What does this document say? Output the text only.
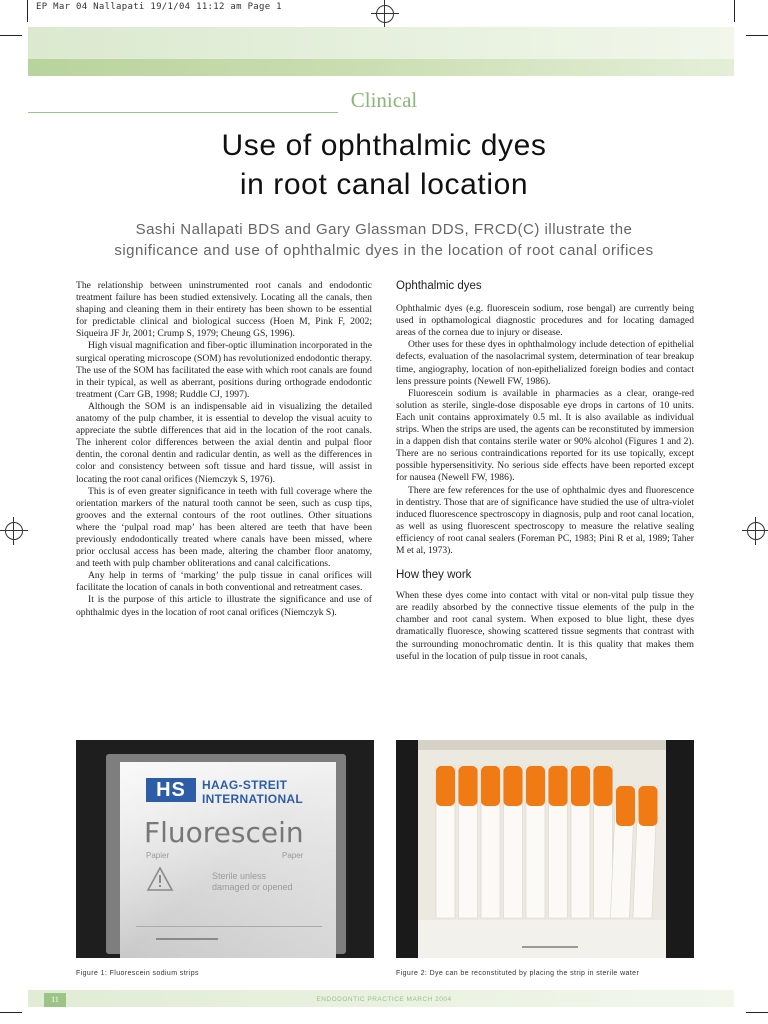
EP Mar 04 Nallapati 19/1/04 11:12 am Page 1
Clinical
Use of ophthalmic dyes
in root canal location

Sashi Nallapati BDS and Gary Glassman DDS, FRCD(C) illustrate the
significance and use of ophthalmic dyes in the location of root canal orifices

The relationship between uninstrumented root canals and endodontic treatment failure has been studied extensively. Locating all the canals, then shaping and cleaning them in their entirety has been shown to be essential for predictable clinical and biological success (Hoen M, Pink F, 2002; Siqueira JF Jr, 2001; Crump S, 1979; Cheung GS, 1996).

High visual magnification and fiber-optic illumination incorporated in the surgical operating microscope (SOM) has revolutionized endodontic therapy. The use of the SOM has facilitated the ease with which root canals are found in their typical, as well as aberrant, positions during orthograde endodontic treatment (Carr GB, 1998; Ruddle CJ, 1997).

Although the SOM is an indispensable aid in visualizing the detailed anatomy of the pulp chamber, it is essential to develop the visual acuity to appreciate the subtle differences that aid in the location of the root canals. The inherent color differences between the axial dentin and pulpal floor dentin, the coronal dentin and radicular dentin, as well as the differences in color and consistency between soft tissue and hard tissue, will assist in locating the root canal orifices (Niemczyk S, 1976).

This is of even greater significance in teeth with full coverage where the orientation markers of the natural tooth cannot be seen, such as cusp tips, grooves and the external contours of the root outlines. Other situations where the ‘pulpal road map’ has been altered are teeth that have been previously endodontically treated where canals have been missed, where prior occlusal access has been made, altering the chamber floor anatomy, and teeth with pulp chamber obliterations and canal calcifications.

Any help in terms of ‘marking’ the pulp tissue in canal orifices will facilitate the location of canals in both conventional and retreatment cases.

It is the purpose of this article to illustrate the significance and use of ophthalmic dyes in the location of root canal orifices (Niemczyk S).

Ophthalmic dyes

Ophthalmic dyes (e.g. fluorescein sodium, rose bengal) are currently being used in opthamological diagnostic procedures and for locating damaged areas of the cornea due to injury or disease.

Other uses for these dyes in ophthalmology include detection of epithelial defects, evaluation of the nasolacrimal system, determination of tear breakup time, angiography, location of non-epithelialized foreign bodies and contact lens pressure points (Newell FW, 1986).

Fluorescein sodium is available in pharmacies as a clear, orange-red solution as sterile, single-dose disposable eye drops in cartons of 10 units. Each unit contains approximately 0.5 ml. It is also available as individual strips. When the strips are used, the agents can be reconstituted by immersion in a dappen dish that contains sterile water or 90% alcohol (Figures 1 and 2). There are no serious contraindications reported for its use topically, except possible hypersensitivity. No serious side effects have been reported except for nausea (Newell FW, 1986).

There are few references for the use of ophthalmic dyes and fluorescence in dentistry. Those that are of significance have studied the use of ultra-violet induced fluorescence spectroscopy in diagnosis, pulp and root canal location, as well as using fluorescent spectroscopy to measure the relative sealing efficiency of root canal sealers (Foreman PC, 1983; Pini R et al, 1989; Taher M et al, 1973).

How they work

When these dyes come into contact with vital or non-vital pulp tissue they are readily absorbed by the connective tissue elements of the pulp in the chamber and root canal system. When exposed to blue light, these dyes dramatically fluoresce, showing scattered tissue segments that contrast with the surrounding monochromatic dentin. It is this quality that makes them useful in the location of pulp tissue in root canals,

HS	HAAG-STREIT
INTERNATIONAL
Fluorescein
Papier	Paper
Sterile unless
damaged or opened
Figure 1: Fluorescein sodium strips	Figure 2: Dye can be reconstituted by placing the strip in sterile water
11	ENDODONTIC PRACTICE MARCH 2004
